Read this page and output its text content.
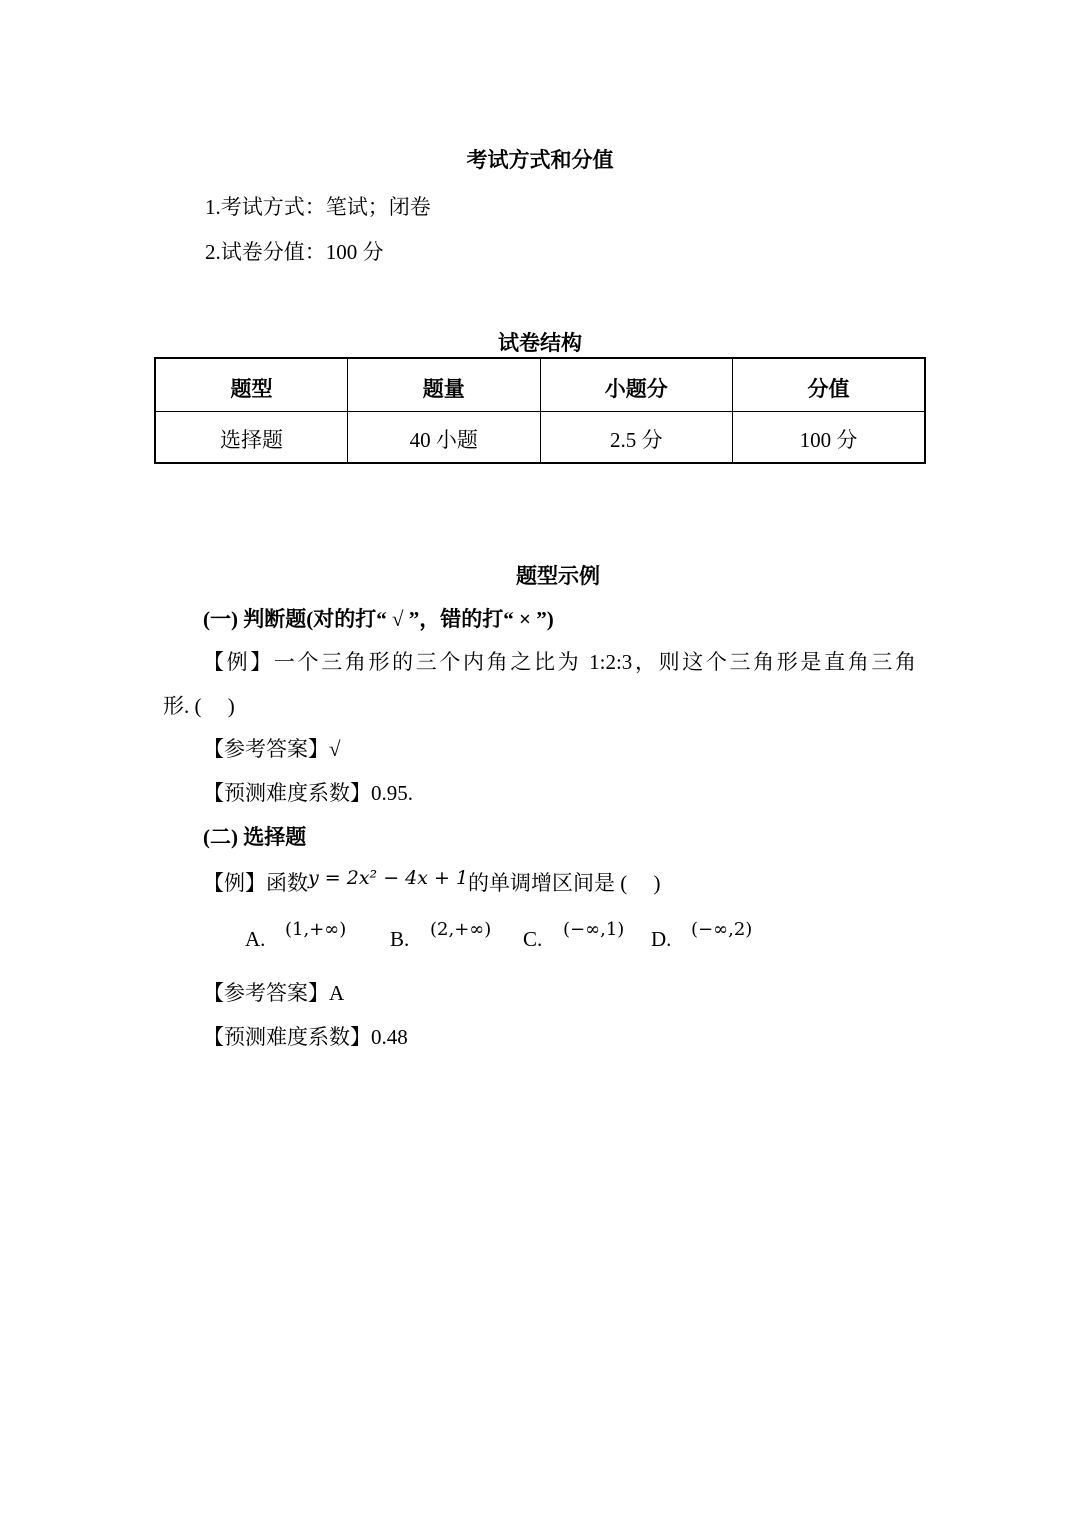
考试方式和分值
1.考试方式：笔试；闭卷
2.试卷分值：100 分
试卷结构
题型	题量	小题分	分值
选择题	40 小题	2.5 分	100 分
题型示例
(一) 判断题(对的打“ √ ”，错的打“ × ”)
【例】一个三角形的三个内角之比为 1:2:3，则这个三角形是直角三角
形. (     )
【参考答案】√
【预测难度系数】0.95.
(二) 选择题
【例】函数y = 2x² − 4x + 1的单调增区间是 (     )
A. (1,+∞) B. (2,+∞) C. (−∞,1) D. (−∞,2)
【参考答案】A
【预测难度系数】0.48
